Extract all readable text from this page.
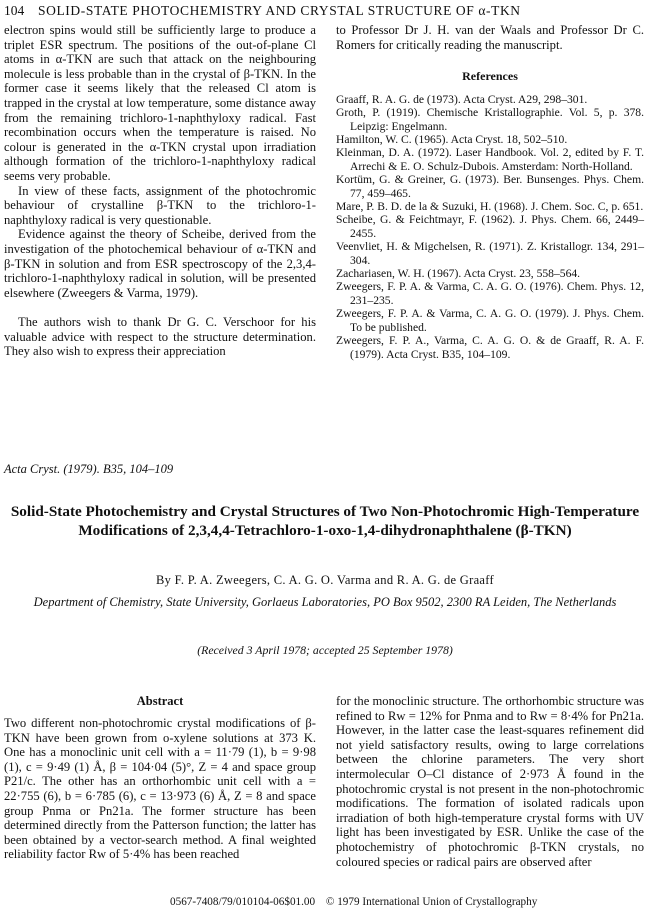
104 SOLID-STATE PHOTOCHEMISTRY AND CRYSTAL STRUCTURE OF α-TKN

electron spins would still be sufficiently large to produce a triplet ESR spectrum. The positions of the out-of-plane Cl atoms in α-TKN are such that attack on the neighbouring molecule is less probable than in the crystal of β-TKN. In the former case it seems likely that the released Cl atom is trapped in the crystal at low temperature, some distance away from the remaining trichloro-1-naphthyloxy radical. Fast recombination occurs when the temperature is raised. No colour is generated in the α-TKN crystal upon irradiation although formation of the trichloro-1-naphthyloxy radical seems very probable.

In view of these facts, assignment of the photochromic behaviour of crystalline β-TKN to the trichloro-1-naphthyloxy radical is very questionable.

Evidence against the theory of Scheibe, derived from the investigation of the photochemical behaviour of α-TKN and β-TKN in solution and from ESR spectroscopy of the 2,3,4-trichloro-1-naphthyloxy radical in solution, will be presented elsewhere (Zweegers & Varma, 1979).

The authors wish to thank Dr G. C. Verschoor for his valuable advice with respect to the structure determination. They also wish to express their appreciation

to Professor Dr J. H. van der Waals and Professor Dr C. Romers for critically reading the manuscript.

References

Graaff, R. A. G. de (1973). Acta Cryst. A29, 298–301.

Groth, P. (1919). Chemische Kristallographie. Vol. 5, p. 378. Leipzig: Engelmann.

Hamilton, W. C. (1965). Acta Cryst. 18, 502–510.

Kleinman, D. A. (1972). Laser Handbook. Vol. 2, edited by F. T. Arrechi & E. O. Schulz-Dubois. Amsterdam: North-Holland.

Kortüm, G. & Greiner, G. (1973). Ber. Bunsenges. Phys. Chem. 77, 459–465.

Mare, P. B. D. de la & Suzuki, H. (1968). J. Chem. Soc. C, p. 651.

Scheibe, G. & Feichtmayr, F. (1962). J. Phys. Chem. 66, 2449–2455.

Veenvliet, H. & Migchelsen, R. (1971). Z. Kristallogr. 134, 291–304.

Zachariasen, W. H. (1967). Acta Cryst. 23, 558–564.

Zweegers, F. P. A. & Varma, C. A. G. O. (1976). Chem. Phys. 12, 231–235.

Zweegers, F. P. A. & Varma, C. A. G. O. (1979). J. Phys. Chem. To be published.

Zweegers, F. P. A., Varma, C. A. G. O. & de Graaff, R. A. F. (1979). Acta Cryst. B35, 104–109.

Acta Cryst. (1979). B35, 104–109
Solid-State Photochemistry and Crystal Structures of Two Non-Photochromic High-Temperature Modifications of 2,3,4,4-Tetrachloro-1-oxo-1,4-dihydronaphthalene (β-TKN)
By F. P. A. Zweegers, C. A. G. O. Varma and R. A. G. de Graaff
Department of Chemistry, State University, Gorlaeus Laboratories, PO Box 9502, 2300 RA Leiden, The Netherlands
(Received 3 April 1978; accepted 25 September 1978)
Abstract

Two different non-photochromic crystal modifications of β-TKN have been grown from o-xylene solutions at 373 K. One has a monoclinic unit cell with a = 11·79 (1), b = 9·98 (1), c = 9·49 (1) Å, β = 104·04 (5)°, Z = 4 and space group P21/c. The other has an orthorhombic unit cell with a = 22·755 (6), b = 6·785 (6), c = 13·973 (6) Å, Z = 8 and space group Pnma or Pn21a. The former structure has been determined directly from the Patterson function; the latter has been obtained by a vector-search method. A final weighted reliability factor Rw of 5·4% has been reached

for the monoclinic structure. The orthorhombic structure was refined to Rw = 12% for Pnma and to Rw = 8·4% for Pn21a. However, in the latter case the least-squares refinement did not yield satisfactory results, owing to large correlations between the chlorine parameters. The very short intermolecular O–Cl distance of 2·973 Å found in the photochromic crystal is not present in the non-photochromic modifications. The formation of isolated radicals upon irradiation of both high-temperature crystal forms with UV light has been investigated by ESR. Unlike the case of the photochemistry of photochromic β-TKN crystals, no coloured species or radical pairs are observed after

0567-7408/79/010104-06$01.00 © 1979 International Union of Crystallography
